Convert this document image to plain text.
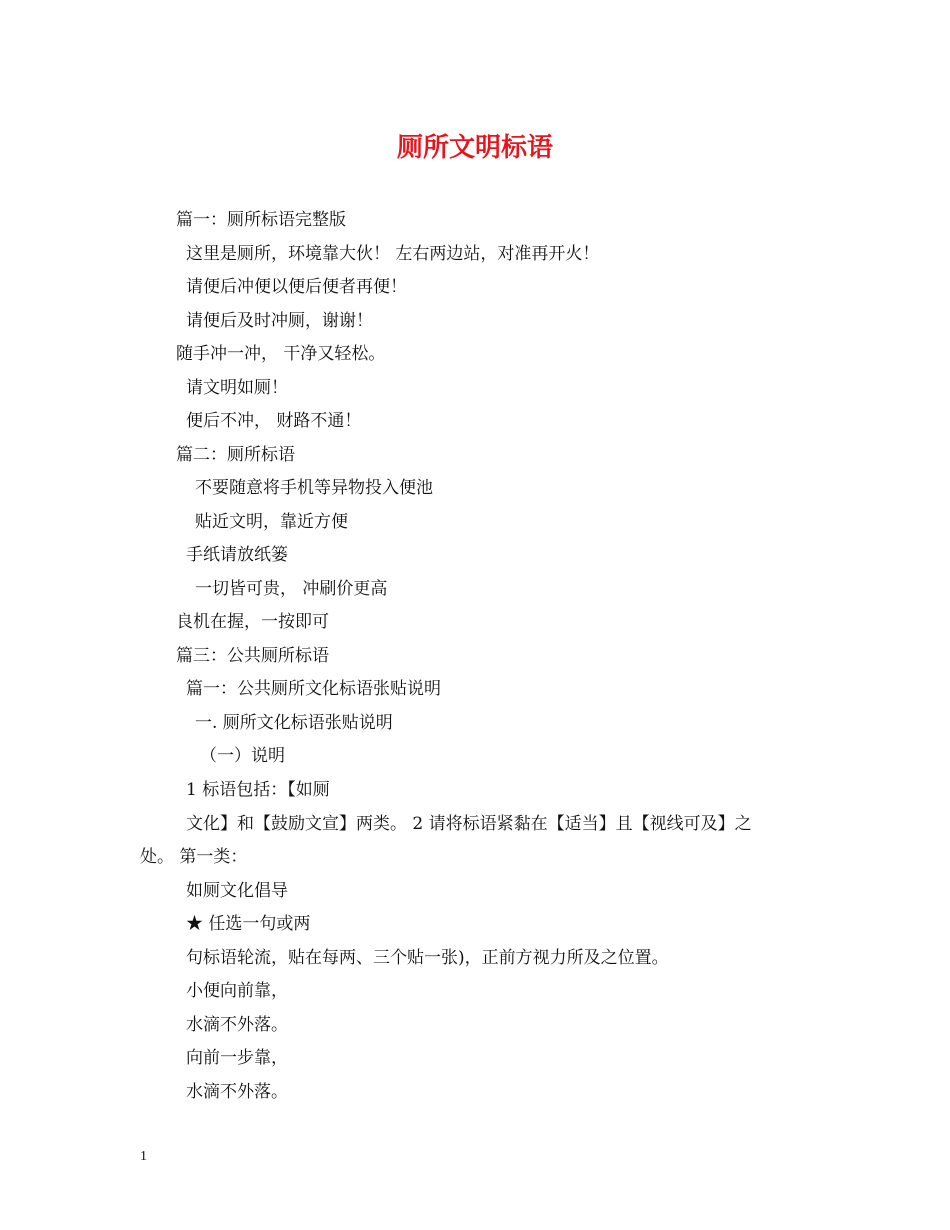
厕所文明标语

篇一：厕所标语完整版

这里是厕所，环境靠大伙！ 左右两边站，对准再开火！

请便后冲便以便后便者再便！

请便后及时冲厕，谢谢！

随手冲一冲， 干净又轻松。

请文明如厕！

便后不冲， 财路不通！

篇二：厕所标语

不要随意将手机等异物投入便池

贴近文明，靠近方便

手纸请放纸篓

一切皆可贵， 冲刷价更高

良机在握，一按即可

篇三：公共厕所标语

篇一：公共厕所文化标语张贴说明

一. 厕所文化标语张贴说明

（一）说明

1 标语包括：【如厕

文化】和【鼓励文宣】两类。 2 请将标语紧黏在【适当】且【视线可及】之

处。 第一类：

如厕文化倡导

★ 任选一句或两

句标语轮流，贴在每两、三个贴一张)，正前方视力所及之位置。

小便向前靠，

水滴不外落。

向前一步靠，

水滴不外落。

1
